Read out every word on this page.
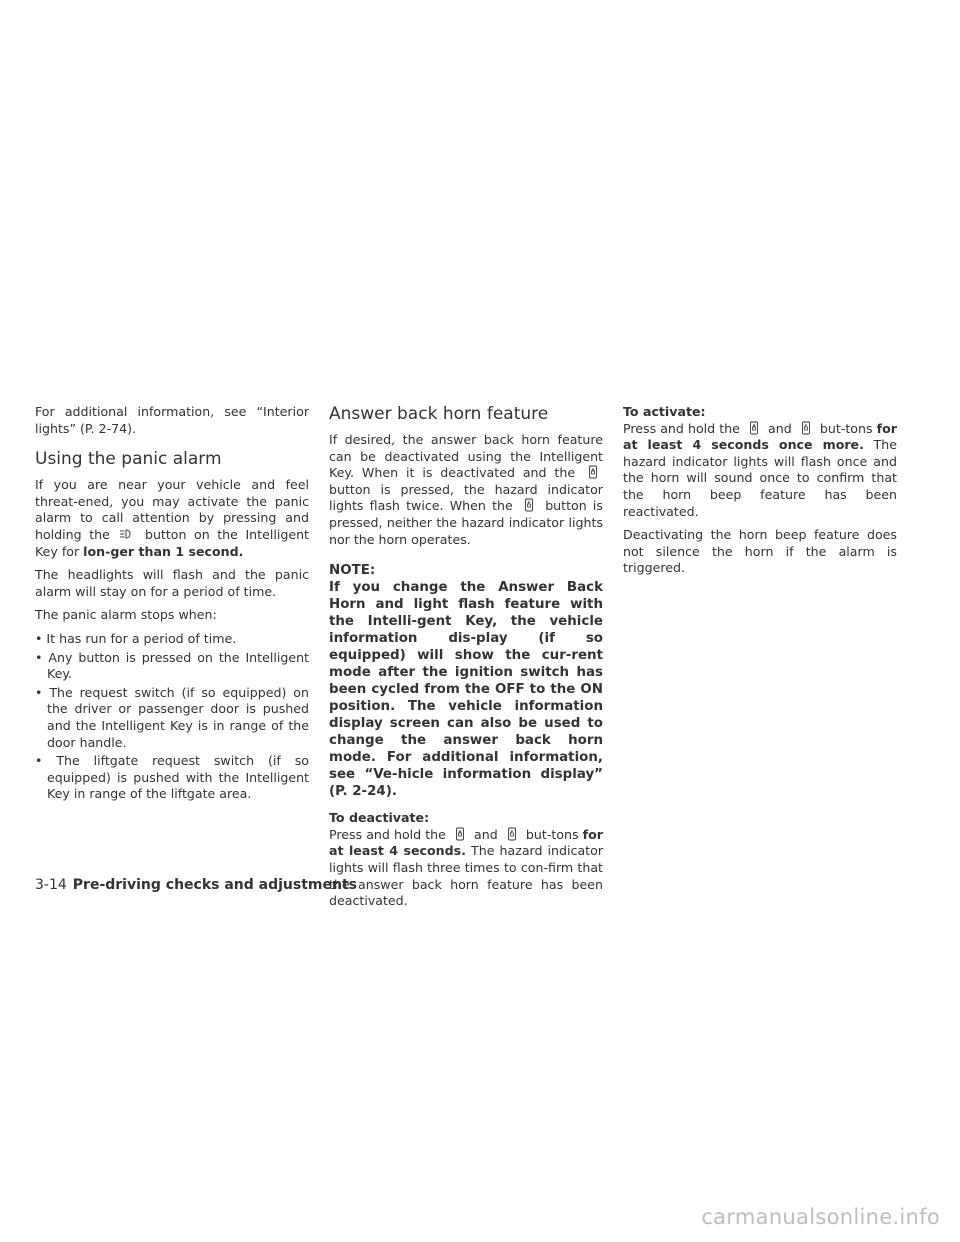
For additional information, see “Interior lights” (P. 2-74).

Using the panic alarm

If you are near your vehicle and feel threat-ened, you may activate the panic alarm to call attention by pressing and holding the	button on the Intelligent Key for lon-ger than 1 second.

The headlights will flash and the panic alarm will stay on for a period of time.

The panic alarm stops when:

• It has run for a period of time.
• Any button is pressed on the Intelligent Key.
• The request switch (if so equipped) on the driver or passenger door is pushed and the Intelligent Key is in range of the door handle.
• The liftgate request switch (if so equipped) is pushed with the Intelligent Key in range of the liftgate area.
Answer back horn feature

If desired, the answer back horn feature can be deactivated using the Intelligent Key. When it is deactivated and the  button is pressed, the hazard indicator lights flash twice. When the	button is pressed, neither the hazard indicator lights nor the horn operates.

NOTE:

If you change the Answer Back Horn and light flash feature with the Intelli-gent Key, the vehicle information dis-play (if so equipped) will show the cur-rent mode after the ignition switch has been cycled from the OFF to the ON position. The vehicle information display screen can also be used to change the answer back horn mode. For additional information, see “Ve-hicle information display” (P. 2-24).

To deactivate:

Press and hold the and but-tons for at least 4 seconds. The hazard indicator lights will flash three times to con-firm that the answer back horn feature has been deactivated.

To activate:

Press and hold the and but-tons for at least 4 seconds once more. The hazard indicator lights will flash once and the horn will sound once to confirm that the horn beep feature has been reactivated.

Deactivating the horn beep feature does not silence the horn if the alarm is triggered.

3-14 Pre-driving checks and adjustments
carmanualsonline.info
